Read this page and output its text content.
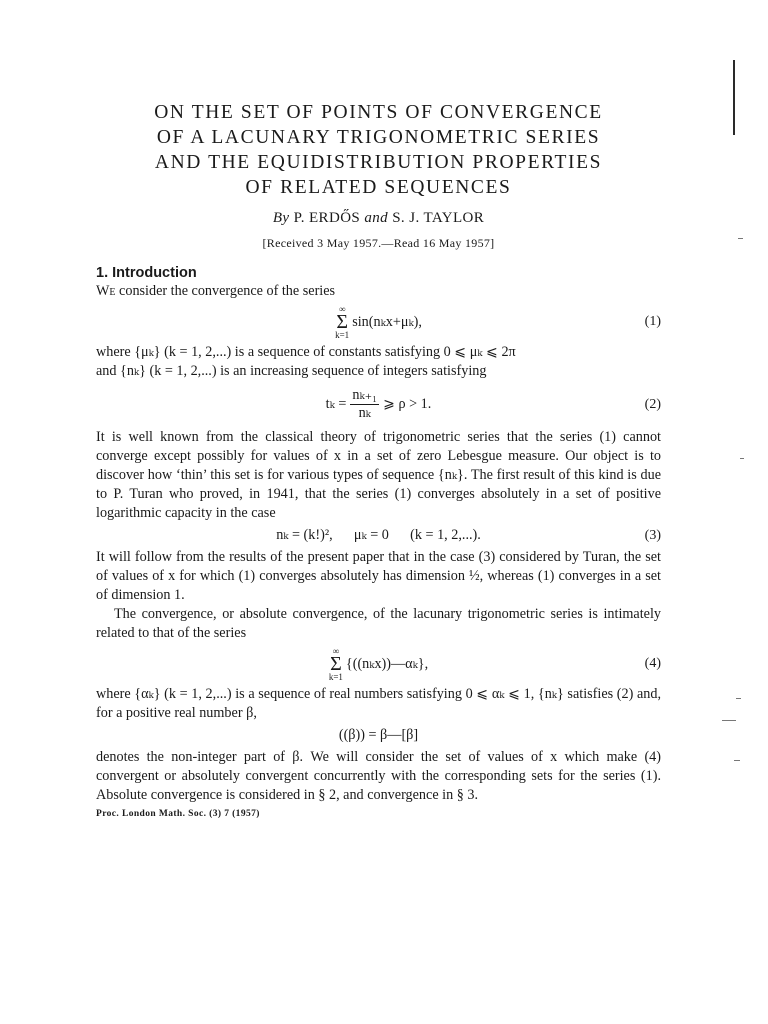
ON THE SET OF POINTS OF CONVERGENCE
OF A LACUNARY TRIGONOMETRIC SERIES
AND THE EQUIDISTRIBUTION PROPERTIES
OF RELATED SEQUENCES
By P. ERDŐS and S. J. TAYLOR
[Received 3 May 1957.—Read 16 May 1957]
1. Introduction

We consider the convergence of the series

∞
Σ
k=1
sin(nₖx+μₖ),	(1)

where {μₖ} (k = 1, 2,...) is a sequence of constants satisfying 0 ⩽ μₖ ⩽ 2π
and {nₖ} (k = 1, 2,...) is an increasing sequence of integers satisfying

$t_k = \frac{\text{nₖ₊₁}}{\text{nₖ}}$ ⩾ ρ > 1.	(2)

It is well known from the classical theory of trigonometric series that the series (1) cannot converge except possibly for values of x in a set of zero Lebesgue measure. Our object is to discover how ‘thin’ this set is for various types of sequence {nₖ}. The first result of this kind is due to P. Turan who proved, in 1941, that the series (1) converges absolutely in a set of positive logarithmic capacity in the case

nₖ = (k!)²,      μₖ = 0      (k = 1, 2,...).	(3)

It will follow from the results of the present paper that in the case (3) considered by Turan, the set of values of x for which (1) converges absolutely has dimension ½, whereas (1) converges in a set of dimension 1.

The convergence, or absolute convergence, of the lacunary trigonometric series is intimately related to that of the series

∞
Σ
k=1
{((nₖx))—αₖ},	(4)

where {αₖ} (k = 1, 2,...) is a sequence of real numbers satisfying 0 ⩽ αₖ ⩽ 1, {nₖ} satisfies (2) and, for a positive real number β,

((β)) = β—[β]

denotes the non-integer part of β. We will consider the set of values of x which make (4) convergent or absolutely convergent concurrently with the corresponding sets for the series (1). Absolute convergence is considered in § 2, and convergence in § 3.

Proc. London Math. Soc. (3) 7 (1957)
